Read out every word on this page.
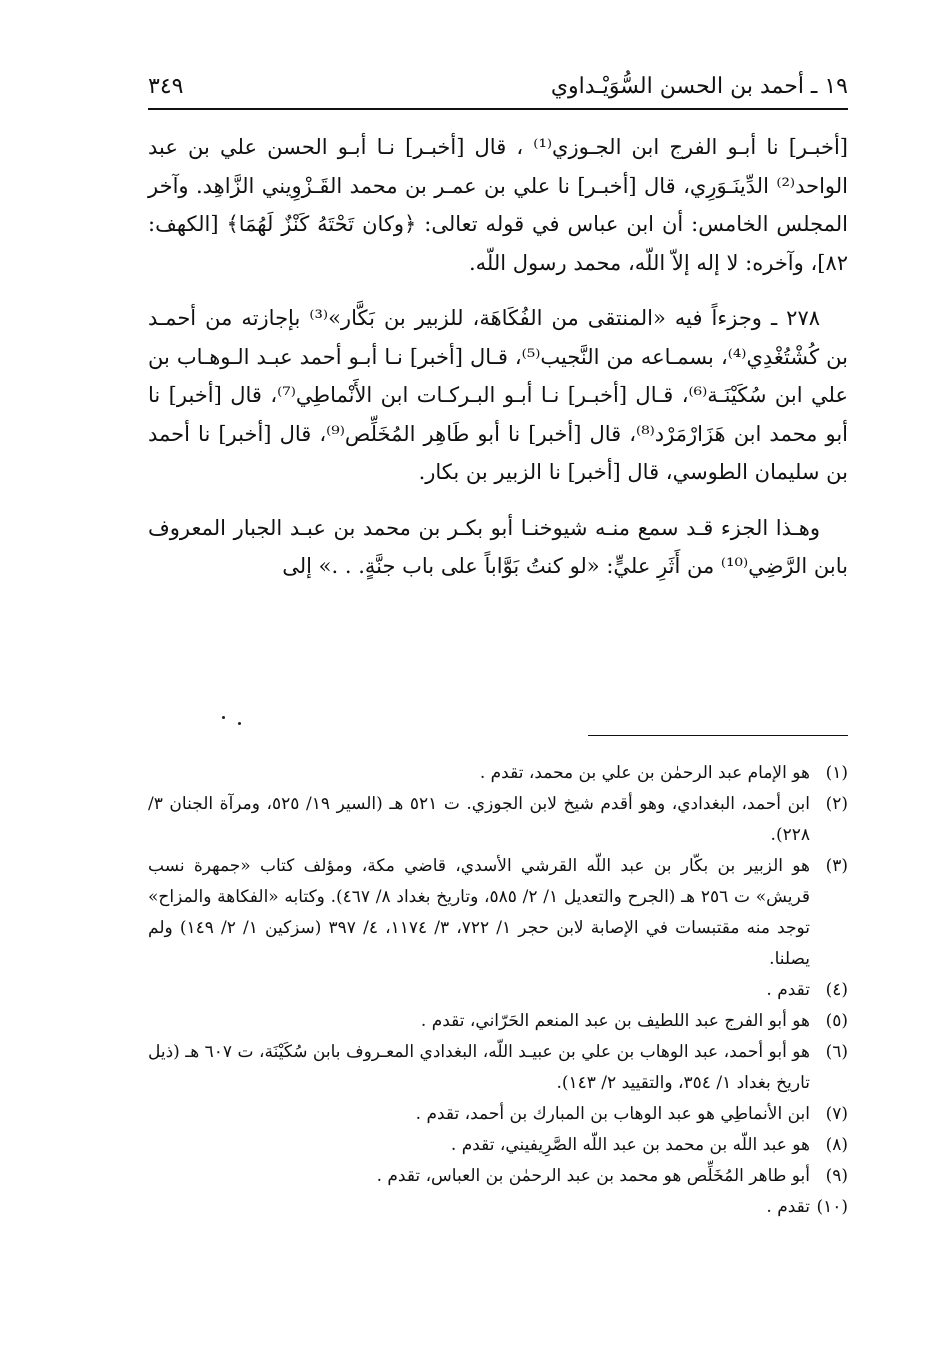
١٩ ـ أحمد بن الحسن السُّوَيْـداوي
٣٤٩

[أخبـر] نا أبـو الفرج ابن الجـوزي⁽¹⁾ ، قال [أخبـر] نـا أبـو الحسن علي بن عبد الواحد⁽²⁾ الدِّينَـوَرِي، قال [أخبـر] نا علي بن عمـر بن محمد القَـزْوِيني الزَّاهِد. وآخر المجلس الخامس: أن ابن عباس في قوله تعالى: ﴿وكان تَحْتَهُ كَنْزٌ لَهُمَا﴾ [الكهف: ٨٢]، وآخره: لا إله إلاّ اللّه، محمد رسول اللّه.

٢٧٨ ـ وجزءاً فيه «المنتقى من الفُكَاهَة، للزبير بن بَكَّار»⁽³⁾ بإجازته من أحمـد بن كُشْتُغْدِي⁽⁴⁾، بسمـاعه من النَّجيب⁽⁵⁾، قـال [أخبر] نـا أبـو أحمد عبـد الـوهـاب بن علي ابن سُكَيْنَـة⁽⁶⁾، قـال [أخبـر] نـا أبـو البـركـات ابن الأَنْماطِي⁽⁷⁾، قال [أخبر] نا أبو محمد ابن هَزَارْمَرْد⁽⁸⁾، قال [أخبر] نا أبو طَاهِر المُخَلِّص⁽⁹⁾، قال [أخبر] نا أحمد بن سليمان الطوسي، قال [أخبر] نا الزبير بن بكار.

وهـذا الجزء قـد سمع منـه شيوخنـا أبو بكـر بن محمد بن عبـد الجبار المعروف بابن الرَّضِي⁽¹⁰⁾ من أَثَرِ عليٍّ: «لو كنتُ بَوَّاباً على باب جنَّةٍ. . .» إلى

(١)
هو الإمام عبد الرحمٰن بن علي بن محمد، تقدم .
(٢)
ابن أحمد، البغدادي، وهو أقدم شيخ لابن الجوزي. ت ٥٢١ هـ (السير ١٩/ ٥٢٥، ومرآة الجنان ٣/ ٢٢٨).
(٣)
هو الزبير بن بكّار بن عبد اللّه القرشي الأسدي، قاضي مكة، ومؤلف كتاب «جمهرة نسب قريش» ت ٢٥٦ هـ (الجرح والتعديل ١/ ٢/ ٥٨٥، وتاريخ بغداد ٨/ ٤٦٧). وكتابه «الفكاهة والمزاح» توجد منه مقتبسات في الإصابة لابن حجر ١/ ٧٢٢، ٣/ ١١٧٤، ٤/ ٣٩٧ (سزكين ١/ ٢/ ١٤٩) ولم يصلنا.
(٤)
تقدم .
(٥)
هو أبو الفرج عبد اللطيف بن عبد المنعم الحَرّاني، تقدم .
(٦)
هو أبو أحمد، عبد الوهاب بن علي بن عبيـد اللّه، البغدادي المعـروف بابن سُكَيْنَة، ت ٦٠٧ هـ (ذيل تاريخ بغداد ١/ ٣٥٤، والتقييد ٢/ ١٤٣).
(٧)
ابن الأنماطِي هو عبد الوهاب بن المبارك بن أحمد، تقدم .
(٨)
هو عبد اللّه بن محمد بن عبد اللّه الصَّرِيفيني، تقدم .
(٩)
أبو طاهر المُخَلِّص هو محمد بن عبد الرحمٰن بن العباس، تقدم .
(١٠)
تقدم .
